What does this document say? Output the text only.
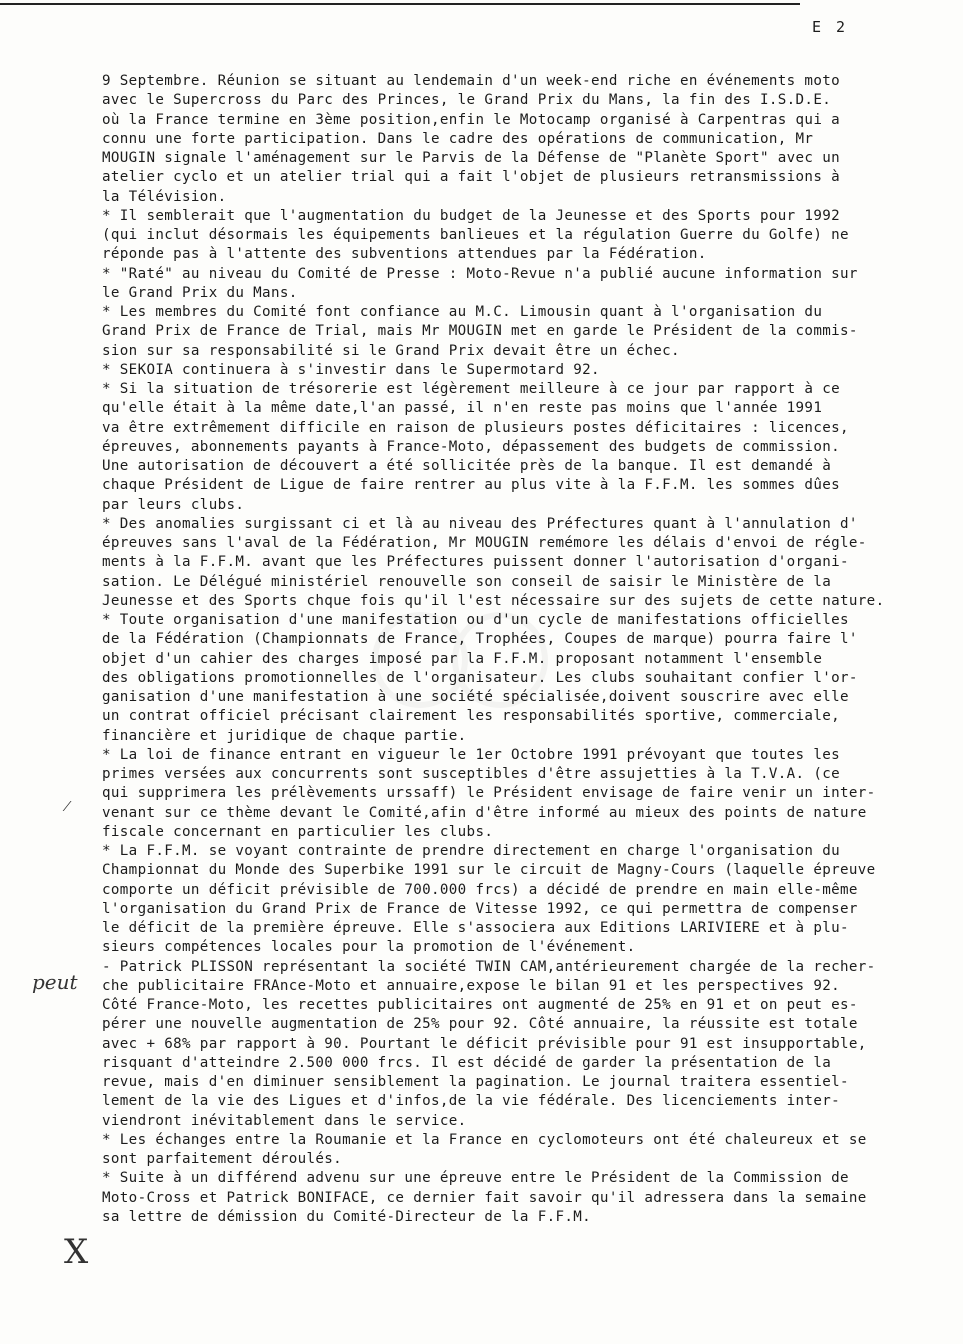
E 2
9 Septembre. Réunion se situant au lendemain d'un week-end riche en événements moto
avec le Supercross du Parc des Princes, le Grand Prix du Mans, la fin des I.S.D.E.
où la France termine en 3ème position,enfin le Motocamp organisé à Carpentras qui a
connu une forte participation. Dans le cadre des opérations de communication, Mr
MOUGIN signale l'aménagement sur le Parvis de la Défense de "Planète Sport" avec un
atelier cyclo et un atelier trial qui a fait l'objet de plusieurs retransmissions à
la Télévision.
* Il semblerait que l'augmentation du budget de la Jeunesse et des Sports pour 1992
(qui inclut désormais les équipements banlieues et la régulation Guerre du Golfe) ne
réponde pas à l'attente des subventions attendues par la Fédération.
* "Raté" au niveau du Comité de Presse : Moto-Revue n'a publié aucune information sur
le Grand Prix du Mans.
* Les membres du Comité font confiance au M.C. Limousin quant à l'organisation du
Grand Prix de France de Trial, mais Mr MOUGIN met en garde le Président de la commis-
sion sur sa responsabilité si le Grand Prix devait être un échec.
* SEKOIA continuera à s'investir dans le Supermotard 92.
* Si la situation de trésorerie est légèrement meilleure à ce jour par rapport à ce
qu'elle était à la même date,l'an passé, il n'en reste pas moins que l'année 1991
va être extrêmement difficile en raison de plusieurs postes déficitaires : licences,
épreuves, abonnements payants à France-Moto, dépassement des budgets de commission.
Une autorisation de découvert a été sollicitée près de la banque. Il est demandé à
chaque Président de Ligue de faire rentrer au plus vite à la F.F.M. les sommes dûes
par leurs clubs.
* Des anomalies surgissant ci et là au niveau des Préfectures quant à l'annulation d'
épreuves sans l'aval de la Fédération, Mr MOUGIN remémore les délais d'envoi de régle-
ments à la F.F.M. avant que les Préfectures puissent donner l'autorisation d'organi-
sation. Le Délégué ministériel renouvelle son conseil de saisir le Ministère de la
Jeunesse et des Sports chque fois qu'il l'est nécessaire sur des sujets de cette nature.
* Toute organisation d'une manifestation ou d'un cycle de manifestations officielles
de la Fédération (Championnats de France, Trophées, Coupes de marque) pourra faire l'
objet d'un cahier des charges imposé par la F.F.M. proposant notamment l'ensemble
des obligations promotionnelles de l'organisateur. Les clubs souhaitant confier l'or-
ganisation d'une manifestation à une société spécialisée,doivent souscrire avec elle
un contrat officiel précisant clairement les responsabilités sportive, commerciale,
financière et juridique de chaque partie.
* La loi de finance entrant en vigueur le 1er Octobre 1991 prévoyant que toutes les
primes versées aux concurrents sont susceptibles d'être assujetties à la T.V.A. (ce
qui supprimera les prélèvements urssaff) le Président envisage de faire venir un inter-
venant sur ce thème devant le Comité,afin d'être informé au mieux des points de nature
fiscale concernant en particulier les clubs.
* La F.F.M. se voyant contrainte de prendre directement en charge l'organisation du
Championnat du Monde des Superbike 1991 sur le circuit de Magny-Cours (laquelle épreuve
comporte un déficit prévisible de 700.000 frcs) a décidé de prendre en main elle-même
l'organisation du Grand Prix de France de Vitesse 1992, ce qui permettra de compenser
le déficit de la première épreuve. Elle s'associera aux Editions LARIVIERE et à plu-
sieurs compétences locales pour la promotion de l'événement.
- Patrick PLISSON représentant la société TWIN CAM,antérieurement chargée de la recher-
che publicitaire FRAnce-Moto et annuaire,expose le bilan 91 et les perspectives 92.
Côté France-Moto, les recettes publicitaires ont augmenté de 25% en 91 et on peut es-
pérer une nouvelle augmentation de 25% pour 92. Côté annuaire, la réussite est totale
avec + 68% par rapport à 90. Pourtant le déficit prévisible pour 91 est insupportable,
risquant d'atteindre 2.500 000 frcs. Il est décidé de garder la présentation de la
revue, mais d'en diminuer sensiblement la pagination. Le journal traitera essentiel-
lement de la vie des Ligues et d'infos,de la vie fédérale. Des licenciements inter-
viendront inévitablement dans le service.
* Les échanges entre la Roumanie et la France en cyclomoteurs ont été chaleureux et se
sont parfaitement déroulés.
* Suite à un différend advenu sur une épreuve entre le Président de la Commission de
Moto-Cross et Patrick BONIFACE, ce dernier fait savoir qu'il adressera dans la semaine
sa lettre de démission du Comité-Directeur de la F.F.M.
⁄
peut
X
